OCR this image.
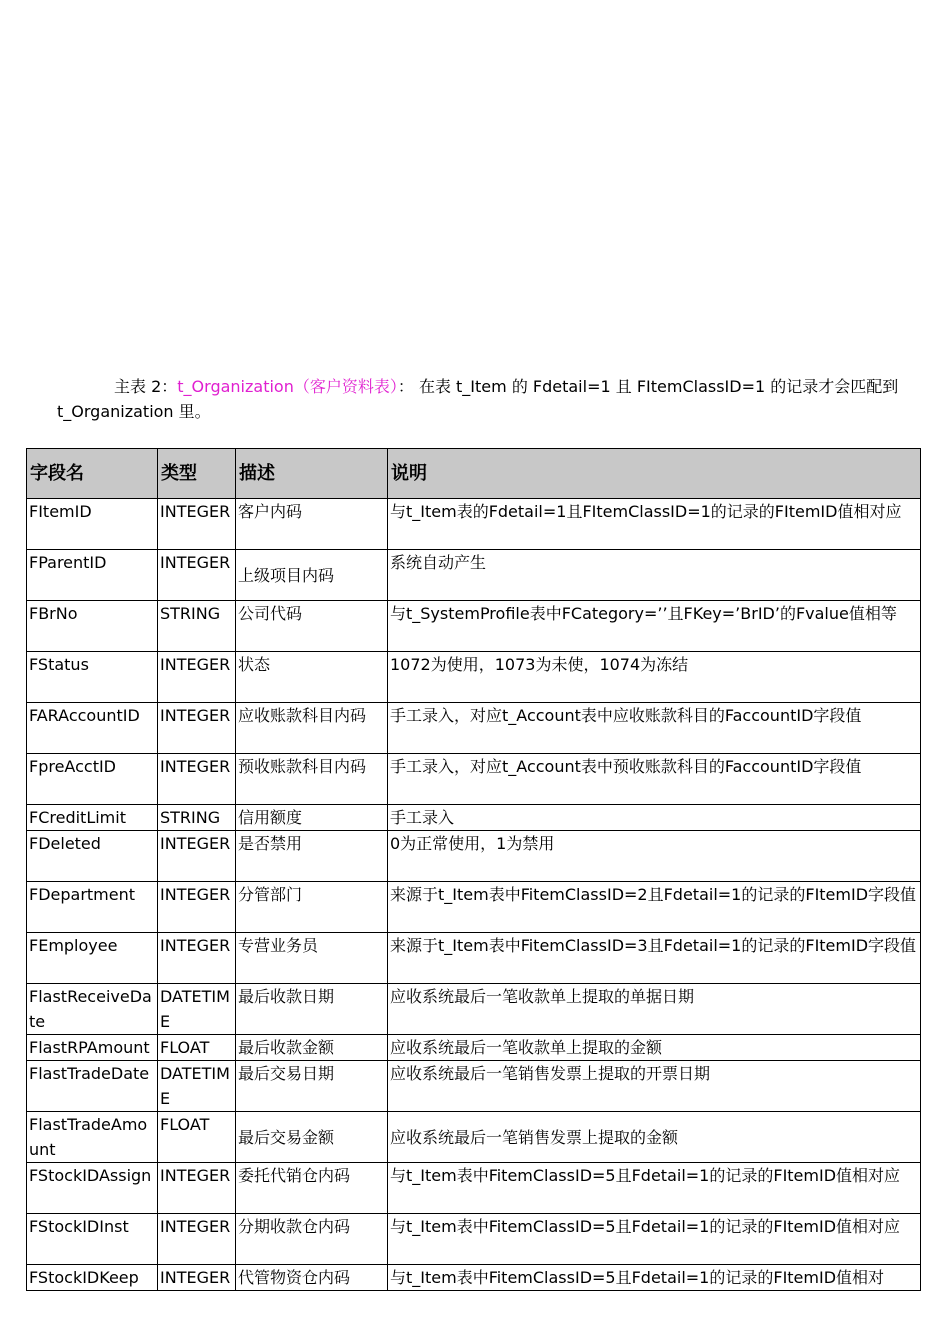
主表 2：t_Organization（客户资料表）： 在表 t_Item 的 Fdetail=1 且 FItemClassID=1 的记录才会匹配到 t_Organization 里。
字段名	类型	描述	说明
FItemID	INTEGER	客户内码	与t_Item表的Fdetail=1且FItemClassID=1的记录的FItemID值相对应
FParentID	INTEGER	上级项目内码	系统自动产生
FBrNo	STRING	公司代码	与t_SystemProfile表中FCategory=’’且FKey=’BrID’的Fvalue值相等
FStatus	INTEGER	状态	1072为使用，1073为未使，1074为冻结
FARAccountID	INTEGER	应收账款科目内码	手工录入，对应t_Account表中应收账款科目的FaccountID字段值
FpreAcctID	INTEGER	预收账款科目内码	手工录入，对应t_Account表中预收账款科目的FaccountID字段值
FCreditLimit	STRING	信用额度	手工录入
FDeleted	INTEGER	是否禁用	0为正常使用，1为禁用
FDepartment	INTEGER	分管部门	来源于t_Item表中FitemClassID=2且Fdetail=1的记录的FItemID字段值
FEmployee	INTEGER	专营业务员	来源于t_Item表中FitemClassID=3且Fdetail=1的记录的FItemID字段值
FlastReceiveDate	DATETIME	最后收款日期	应收系统最后一笔收款单上提取的单据日期
FlastRPAmount	FLOAT	最后收款金额	应收系统最后一笔收款单上提取的金额
FlastTradeDate	DATETIME	最后交易日期	应收系统最后一笔销售发票上提取的开票日期
FlastTradeAmount	FLOAT	最后交易金额	应收系统最后一笔销售发票上提取的金额
FStockIDAssign	INTEGER	委托代销仓内码	与t_Item表中FitemClassID=5且Fdetail=1的记录的FItemID值相对应
FStockIDInst	INTEGER	分期收款仓内码	与t_Item表中FitemClassID=5且Fdetail=1的记录的FItemID值相对应
FStockIDKeep	INTEGER	代管物资仓内码	与t_Item表中FitemClassID=5且Fdetail=1的记录的FItemID值相对
